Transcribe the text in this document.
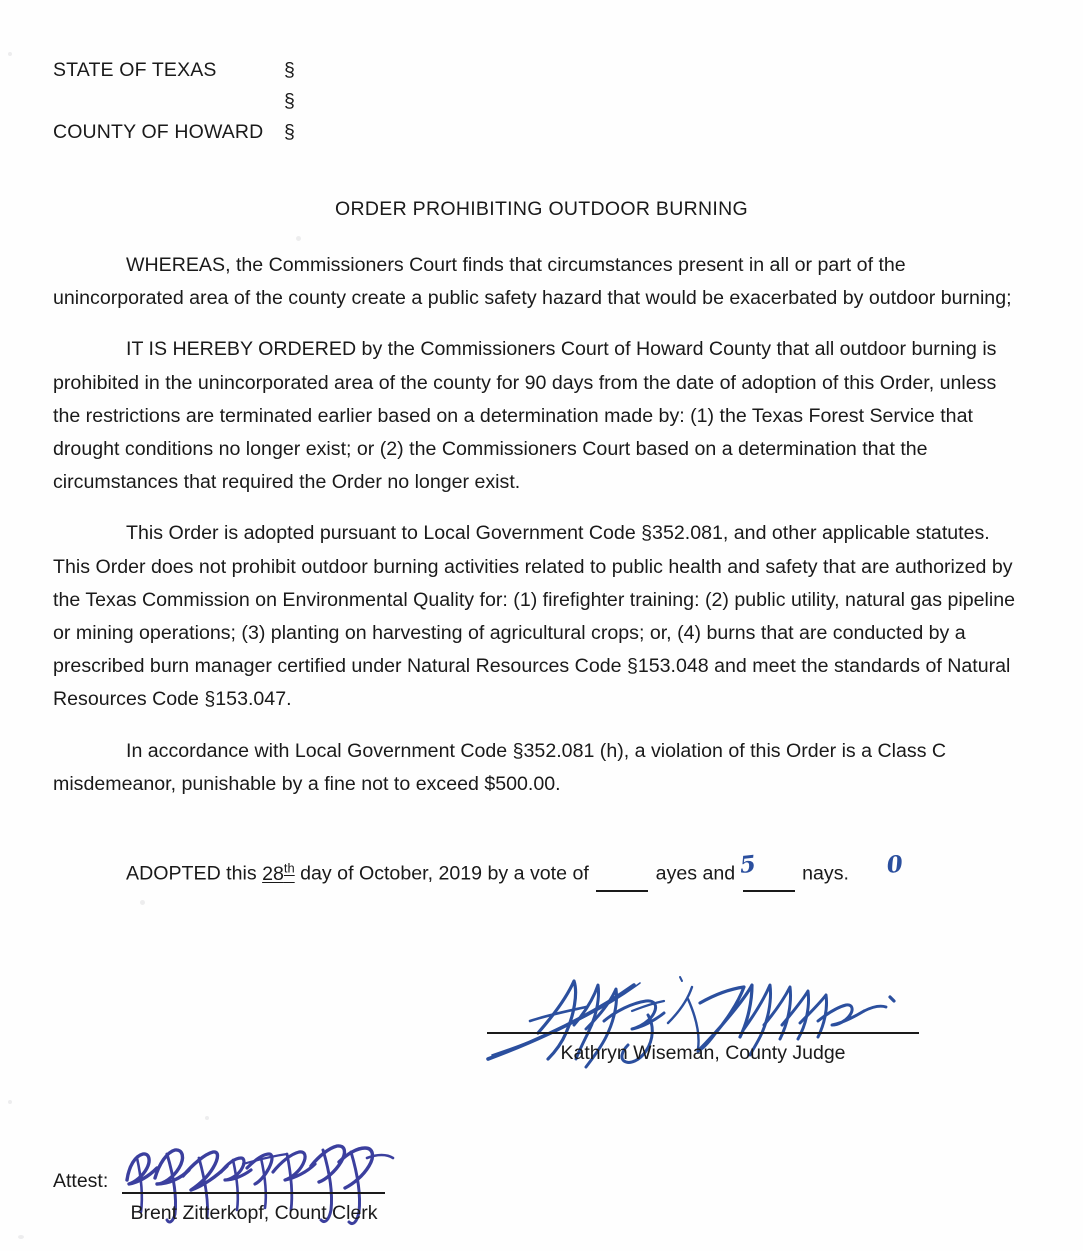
STATE OF TEXAS	§
§
COUNTY OF HOWARD	§
ORDER PROHIBITING OUTDOOR BURNING

WHEREAS, the Commissioners Court finds that circumstances present in all or part of the unincorporated area of the county create a public safety hazard that would be exacerbated by outdoor burning;

IT IS HEREBY ORDERED by the Commissioners Court of Howard County that all outdoor burning is prohibited in the unincorporated area of the county for 90 days from the date of adoption of this Order, unless the restrictions are terminated earlier based on a determination made by: (1) the Texas Forest Service that drought conditions no longer exist; or (2) the Commissioners Court based on a determination that the circumstances that required the Order no longer exist.

This Order is adopted pursuant to Local Government Code §352.081, and other applicable statutes. This Order does not prohibit outdoor burning activities related to public health and safety that are authorized by the Texas Commission on Environmental Quality for: (1) firefighter training: (2) public utility, natural gas pipeline or mining operations; (3) planting on harvesting of agricultural crops; or, (4) burns that are conducted by a prescribed burn manager certified under Natural Resources Code §153.048 and meet the standards of Natural Resources Code §153.047.

In accordance with Local Government Code §352.081 (h), a violation of this Order is a Class C misdemeanor, punishable by a fine not to exceed $500.00.

ADOPTED this 28th day of October, 2019 by a vote of	5
ayes and	0
nays.
Kathryn Wiseman, County Judge
Attest:
Brent Zitterkopf, Count Clerk
